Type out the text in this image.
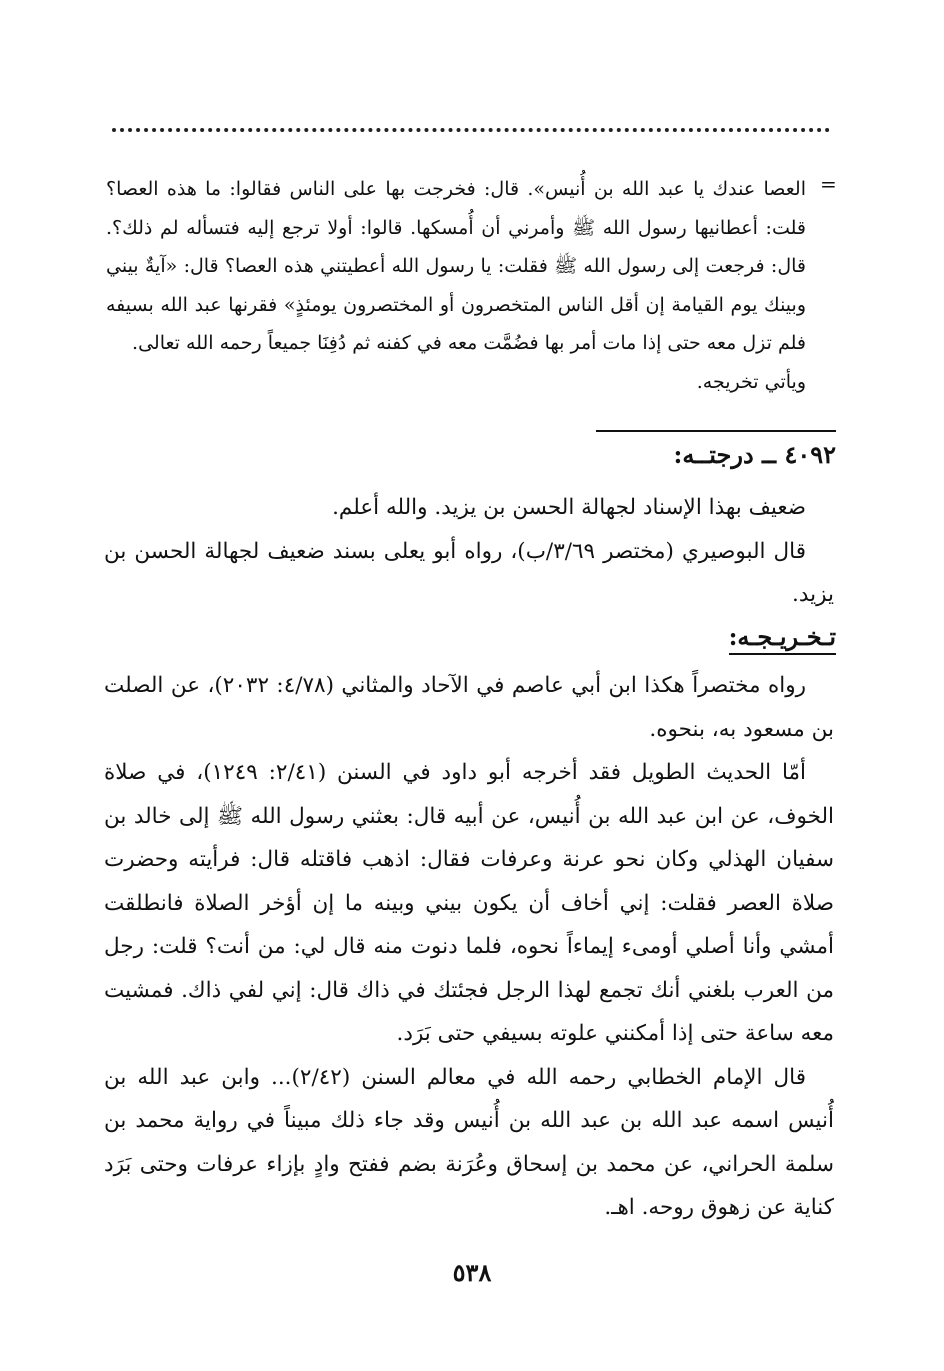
=
العصا عندك يا عبد الله بن أُنيس». قال: فخرجت بها على الناس فقالوا: ما هذه العصا؟ قلت: أعطانيها رسول الله ﷺ وأمرني أن أُمسكها. قالوا: أولا ترجع إليه فتسأله لم ذلك؟. قال: فرجعت إلى رسول الله ﷺ فقلت: يا رسول الله أعطيتني هذه العصا؟ قال: «آيةٌ بيني وبينك يوم القيامة إن أقل الناس المتخصرون أو المختصرون يومئذٍ» فقرنها عبد الله بسيفه فلم تزل معه حتى إذا مات أمر بها فضُمَّت معه في كفنه ثم دُفِنَا جميعاً رحمه الله تعالى.
ويأتي تخريجه.
٤٠٩٢ ــ درجتــه:

ضعيف بهذا الإسناد لجهالة الحسن بن يزيد. والله أعلم.

قال البوصيري (مختصر ٣/٦٩/ب)، رواه أبو يعلى بسند ضعيف لجهالة الحسن بن يزيد.

تـخـريـجـه:

رواه مختصراً هكذا ابن أبي عاصم في الآحاد والمثاني (٤/٧٨: ٢٠٣٢)، عن الصلت بن مسعود به، بنحوه.

أمّا الحديث الطويل فقد أخرجه أبو داود في السنن (٢/٤١: ١٢٤٩)، في صلاة الخوف، عن ابن عبد الله بن أُنيس، عن أبيه قال: بعثني رسول الله ﷺ إلى خالد بن سفيان الهذلي وكان نحو عرنة وعرفات فقال: اذهب فاقتله قال: فرأيته وحضرت صلاة العصر فقلت: إني أخاف أن يكون بيني وبينه ما إن أؤخر الصلاة فانطلقت أمشي وأنا أصلي أومىء إيماءاً نحوه، فلما دنوت منه قال لي: من أنت؟ قلت: رجل من العرب بلغني أنك تجمع لهذا الرجل فجئتك في ذاك قال: إني لفي ذاك. فمشيت معه ساعة حتى إذا أمكنني علوته بسيفي حتى بَرَد.

قال الإمام الخطابي رحمه الله في معالم السنن (٢/٤٢)... وابن عبد الله بن أُنيس اسمه عبد الله بن عبد الله بن أُنيس وقد جاء ذلك مبيناً في رواية محمد بن سلمة الحراني، عن محمد بن إسحاق وعُرَنة بضم ففتح وادٍ بإزاء عرفات وحتى بَرَد كناية عن زهوق روحه. اهـ.

٥٣٨
